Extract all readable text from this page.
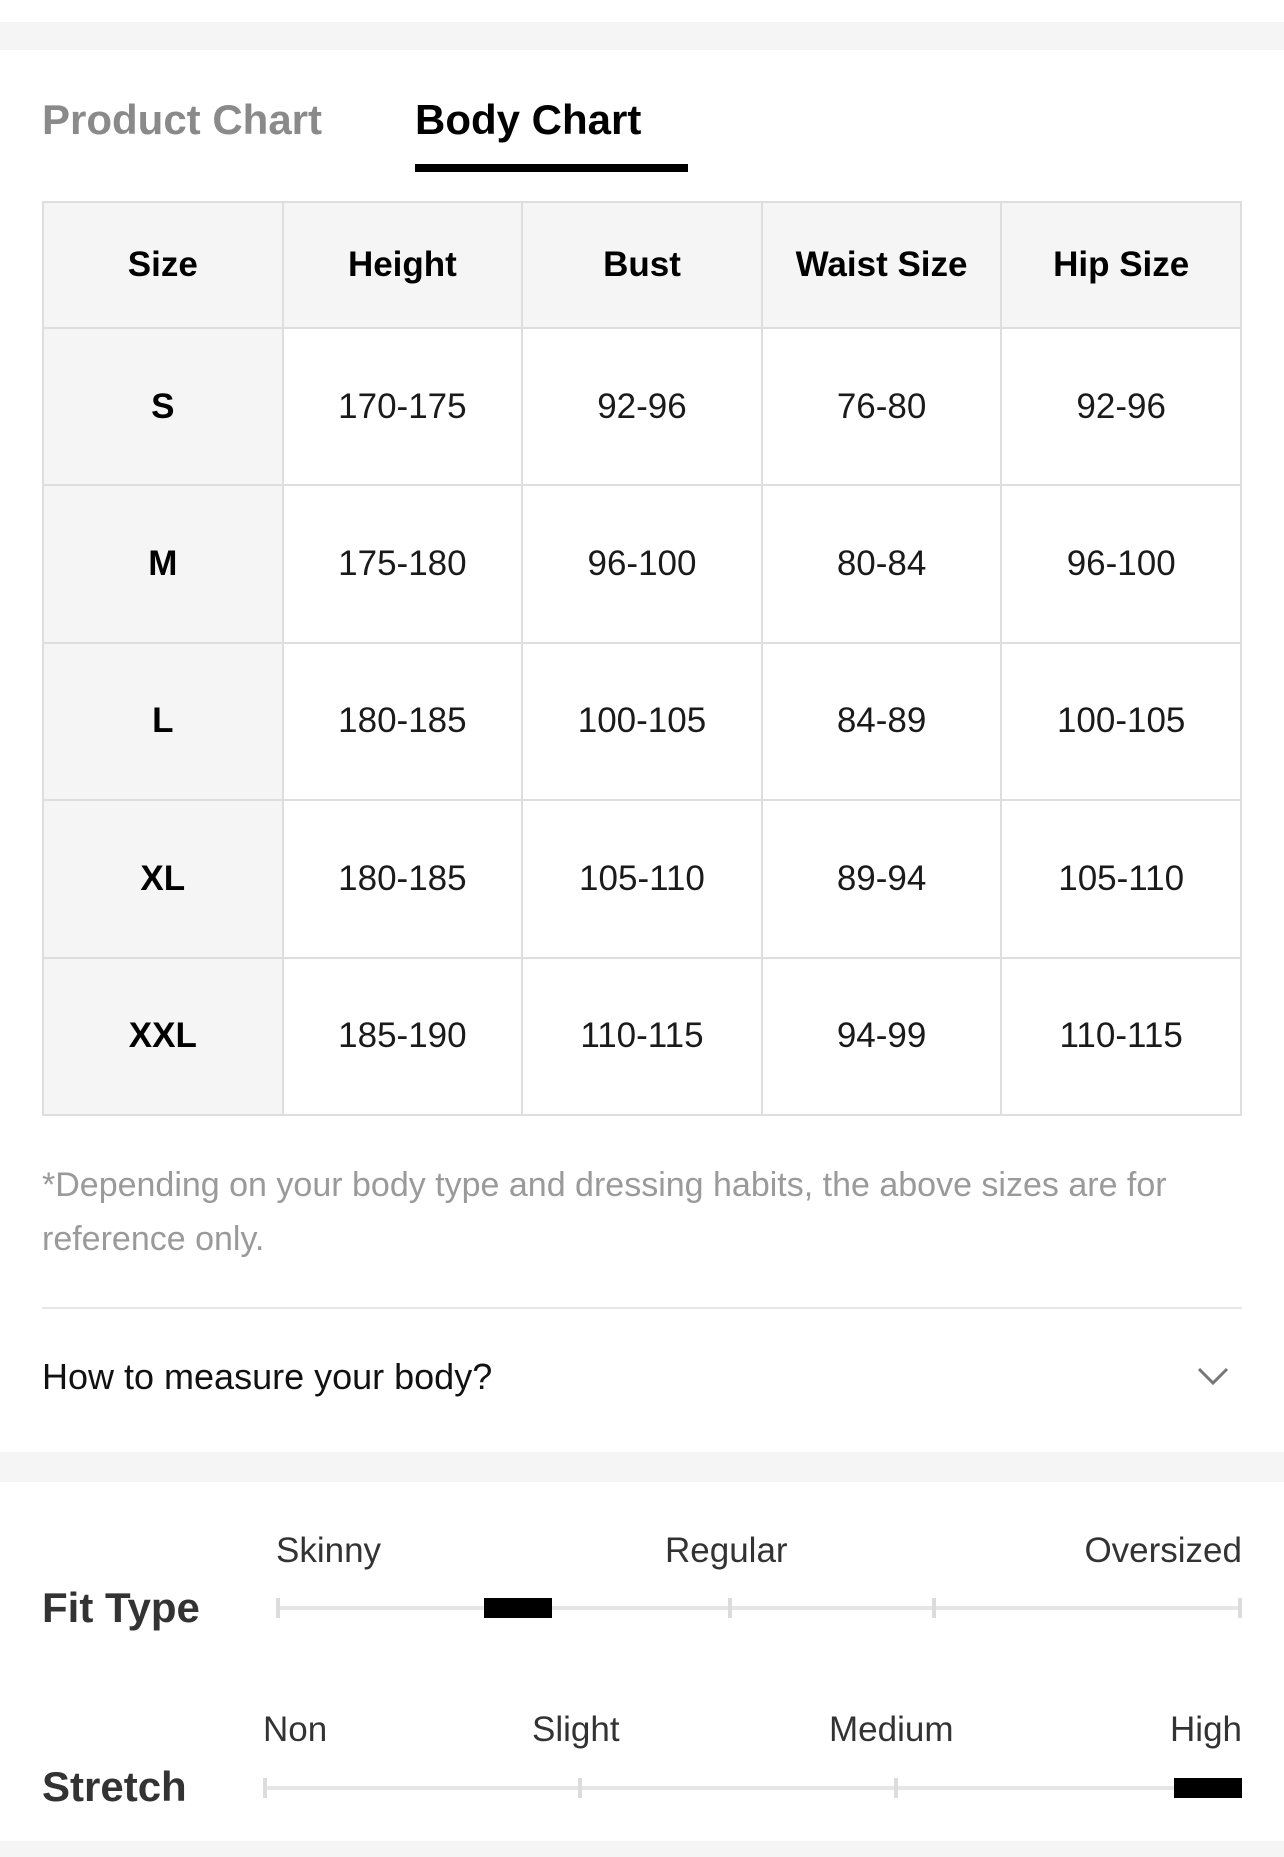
Product Chart Body Chart
Size	Height	Bust	Waist Size	Hip Size
S	170-175	92-96	76-80	92-96
M	175-180	96-100	80-84	96-100
L	180-185	100-105	84-89	100-105
XL	180-185	105-110	89-94	105-110
XXL	185-190	110-115	94-99	110-115
*Depending on your body type and dressing habits, the above sizes are for reference only.
How to measure your body?
Fit Type
Skinny	Regular	Oversized
Stretch
Non	Slight	Medium	High
